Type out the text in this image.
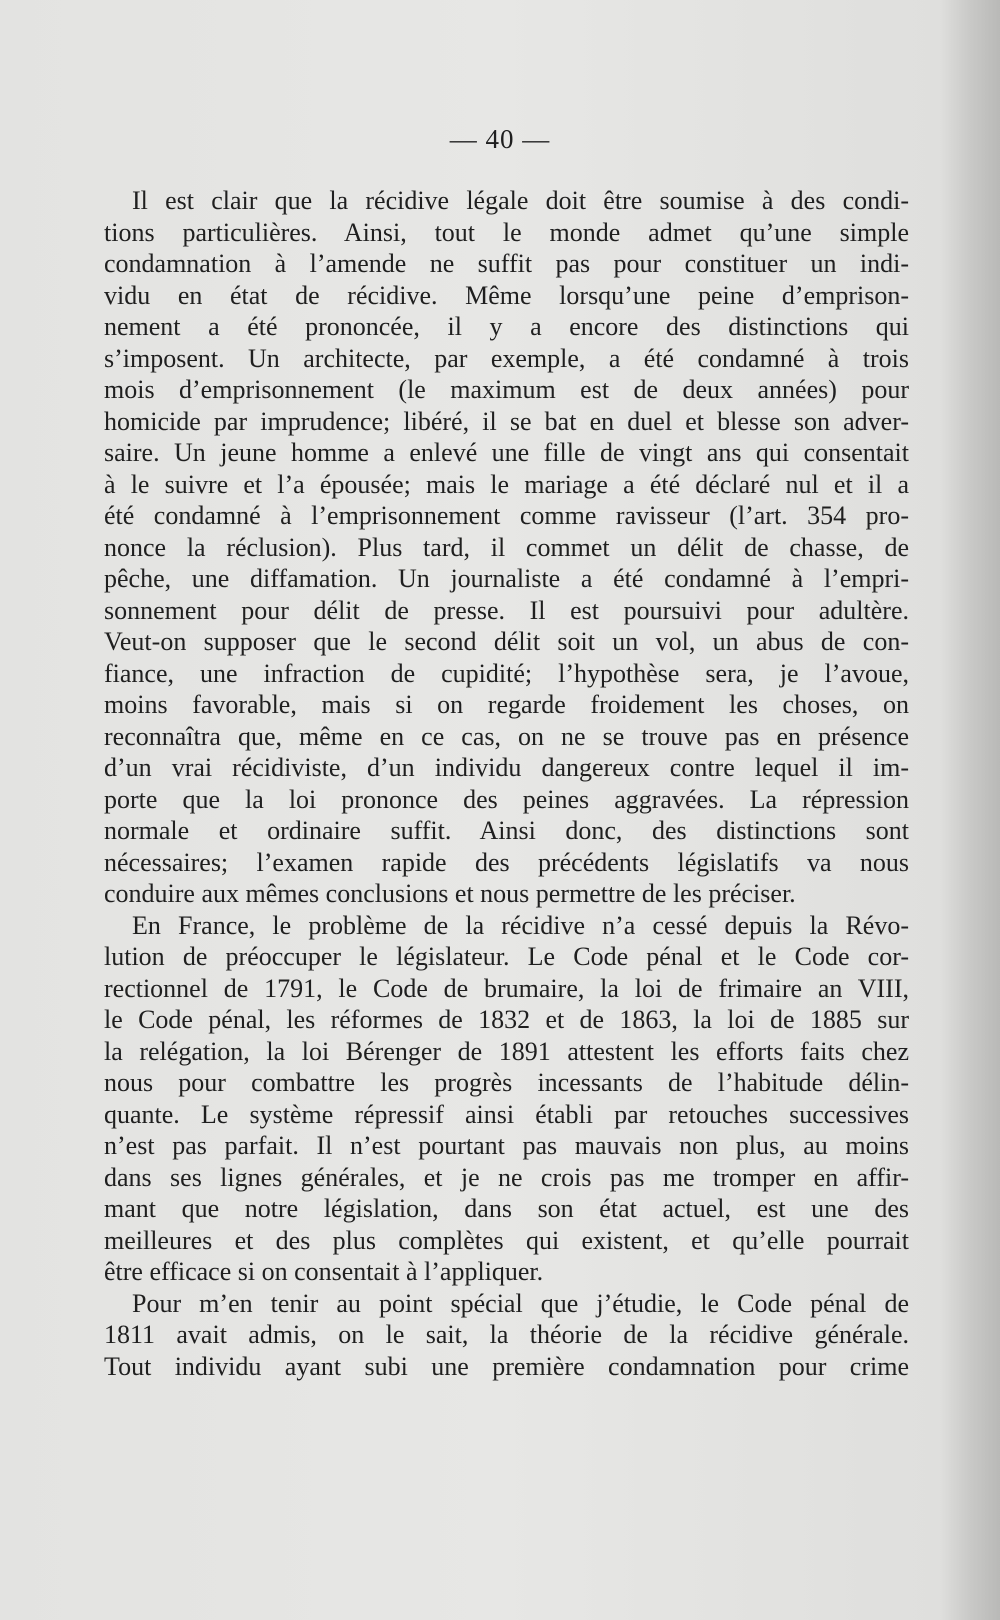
— 40 —
Il est clair que la récidive légale doit être soumise à des condi-
tions particulières. Ainsi, tout le monde admet qu’une simple
condamnation à l’amende ne suffit pas pour constituer un indi-
vidu en état de récidive. Même lorsqu’une peine d’emprison-
nement a été prononcée, il y a encore des distinctions qui
s’imposent. Un architecte, par exemple, a été condamné à trois
mois d’emprisonnement (le maximum est de deux années) pour
homicide par imprudence; libéré, il se bat en duel et blesse son adver-
saire. Un jeune homme a enlevé une fille de vingt ans qui consentait
à le suivre et l’a épousée; mais le mariage a été déclaré nul et il a
été condamné à l’emprisonnement comme ravisseur (l’art. 354 pro-
nonce la réclusion). Plus tard, il commet un délit de chasse, de
pêche, une diffamation. Un journaliste a été condamné à l’empri-
sonnement pour délit de presse. Il est poursuivi pour adultère.
Veut-on supposer que le second délit soit un vol, un abus de con-
fiance, une infraction de cupidité; l’hypothèse sera, je l’avoue,
moins favorable, mais si on regarde froidement les choses, on
reconnaîtra que, même en ce cas, on ne se trouve pas en présence
d’un vrai récidiviste, d’un individu dangereux contre lequel il im-
porte que la loi prononce des peines aggravées. La répression
normale et ordinaire suffit. Ainsi donc, des distinctions sont
nécessaires; l’examen rapide des précédents législatifs va nous
conduire aux mêmes conclusions et nous permettre de les préciser.
En France, le problème de la récidive n’a cessé depuis la Révo-
lution de préoccuper le législateur. Le Code pénal et le Code cor-
rectionnel de 1791, le Code de brumaire, la loi de frimaire an VIII,
le Code pénal, les réformes de 1832 et de 1863, la loi de 1885 sur
la relégation, la loi Bérenger de 1891 attestent les efforts faits chez
nous pour combattre les progrès incessants de l’habitude délin-
quante. Le système répressif ainsi établi par retouches successives
n’est pas parfait. Il n’est pourtant pas mauvais non plus, au moins
dans ses lignes générales, et je ne crois pas me tromper en affir-
mant que notre législation, dans son état actuel, est une des
meilleures et des plus complètes qui existent, et qu’elle pourrait
être efficace si on consentait à l’appliquer.
Pour m’en tenir au point spécial que j’étudie, le Code pénal de
1811 avait admis, on le sait, la théorie de la récidive générale.
Tout individu ayant subi une première condamnation pour crime
